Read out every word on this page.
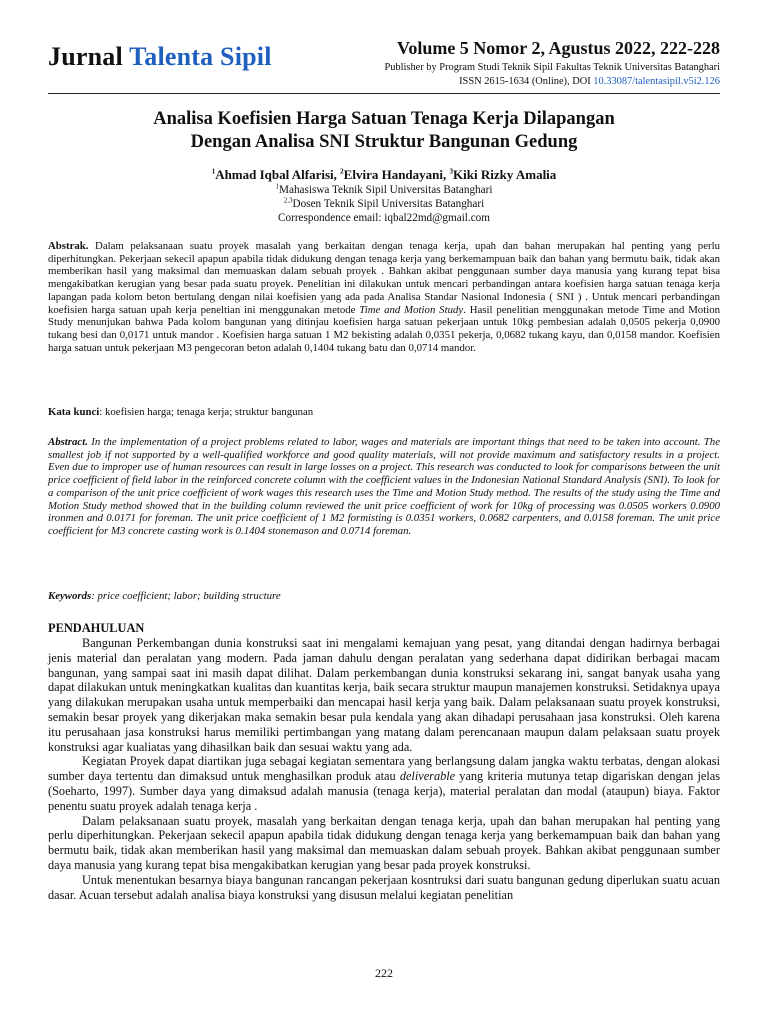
Jurnal Talenta Sipil	Volume 5 Nomor 2, Agustus 2022, 222-228
Publisher by Program Studi Teknik Sipil Fakultas Teknik Universitas Batanghari
ISSN 2615-1634 (Online), DOI 10.33087/talentasipil.v5i2.126
Analisa Koefisien Harga Satuan Tenaga Kerja Dilapangan
Dengan Analisa SNI Struktur Bangunan Gedung
$^1$Ahmad Iqbal Alfarisi, $^2$Elvira Handayani, $^3$Kiki Rizky Amalia
$^1$Mahasiswa Teknik Sipil Universitas Batanghari
$^{2,3}$Dosen Teknik Sipil Universitas Batanghari
Correspondence email: iqbal22md@gmail.com
Abstrak. Dalam pelaksanaan suatu proyek masalah yang berkaitan dengan tenaga kerja, upah dan bahan merupakan hal penting yang perlu diperhitungkan. Pekerjaan sekecil apapun apabila tidak didukung dengan tenaga kerja yang berkemampuan baik dan bahan yang bermutu baik, tidak akan memberikan hasil yang maksimal dan memuaskan dalam sebuah proyek . Bahkan akibat penggunaan sumber daya manusia yang kurang tepat bisa mengakibatkan kerugian yang besar pada suatu proyek. Penelitian ini dilakukan untuk mencari perbandingan antara koefisien harga satuan tenaga kerja lapangan pada kolom beton bertulang dengan nilai koefisien yang ada pada Analisa Standar Nasional Indonesia ( SNI ) . Untuk mencari perbandingan koefisien harga satuan upah kerja peneltian ini menggunakan metode Time and Motion Study. Hasil penelitian menggunakan metode Time and Motion Study menunjukan bahwa Pada kolom bangunan yang ditinjau koefisien harga satuan pekerjaan untuk 10kg pembesian adalah 0,0505 pekerja 0,0900 tukang besi dan 0,0171 untuk mandor . Koefisien harga satuan 1 M2 bekisting adalah 0,0351 pekerja, 0,0682 tukang kayu, dan 0,0158 mandor. Koefisien harga satuan untuk pekerjaan M3 pengecoran beton adalah 0,1404 tukang batu dan 0,0714 mandor.
Kata kunci: koefisien harga; tenaga kerja; struktur bangunan
Abstract. In the implementation of a project problems related to labor, wages and materials are important things that need to be taken into account. The smallest job if not supported by a well-qualified workforce and good quality materials, will not provide maximum and satisfactory results in a project. Even due to improper use of human resources can result in large losses on a project. This research was conducted to look for comparisons between the unit price coefficient of field labor in the reinforced concrete column with the coefficient values in the Indonesian National Standard Analysis (SNI). To look for a comparison of the unit price coefficient of work wages this research uses the Time and Motion Study method. The results of the study using the Time and Motion Study method showed that in the building column reviewed the unit price coefficient of work for 10kg of processing was 0.0505 workers 0.0900 ironmen and 0.0171 for foreman. The unit price coefficient of 1 M2 formisting is 0.0351 workers, 0.0682 carpenters, and 0.0158 foreman. The unit price coefficient for M3 concrete casting work is 0.1404 stonemason and 0.0714 foreman.
Keywords: price coefficient; labor; building structure
PENDAHULUAN

Bangunan Perkembangan dunia konstruksi saat ini mengalami kemajuan yang pesat, yang ditandai dengan hadirnya berbagai jenis material dan peralatan yang modern. Pada jaman dahulu dengan peralatan yang sederhana dapat didirikan berbagai macam bangunan, yang sampai saat ini masih dapat dilihat. Dalam perkembangan dunia konstruksi sekarang ini, sangat banyak usaha yang dapat dilakukan untuk meningkatkan kualitas dan kuantitas kerja, baik secara struktur maupun manajemen konstruksi. Setidaknya upaya yang dilakukan merupakan usaha untuk memperbaiki dan mencapai hasil kerja yang baik. Dalam pelaksanaan suatu proyek konstruksi, semakin besar proyek yang dikerjakan maka semakin besar pula kendala yang akan dihadapi perusahaan jasa konstruksi. Oleh karena itu perusahaan jasa konstruksi harus memiliki pertimbangan yang matang dalam perencanaan maupun dalam pelaksaan suatu proyek konstruksi agar kualiatas yang dihasilkan baik dan sesuai waktu yang ada.

Kegiatan Proyek dapat diartikan juga sebagai kegiatan sementara yang berlangsung dalam jangka waktu terbatas, dengan alokasi sumber daya tertentu dan dimaksud untuk menghasilkan produk atau deliverable yang kriteria mutunya tetap digariskan dengan jelas (Soeharto, 1997). Sumber daya yang dimaksud adalah manusia (tenaga kerja), material peralatan dan modal (ataupun) biaya. Faktor penentu suatu proyek adalah tenaga kerja .

Dalam pelaksanaan suatu proyek, masalah yang berkaitan dengan tenaga kerja, upah dan bahan merupakan hal penting yang perlu diperhitungkan. Pekerjaan sekecil apapun apabila tidak didukung dengan tenaga kerja yang berkemampuan baik dan bahan yang bermutu baik, tidak akan memberikan hasil yang maksimal dan memuaskan dalam sebuah proyek. Bahkan akibat penggunaan sumber daya manusia yang kurang tepat bisa mengakibatkan kerugian yang besar pada proyek konstruksi.

Untuk menentukan besarnya biaya bangunan rancangan pekerjaan kosntruksi dari suatu bangunan gedung diperlukan suatu acuan dasar. Acuan tersebut adalah analisa biaya konstruksi yang disusun melalui kegiatan penelitian

222
